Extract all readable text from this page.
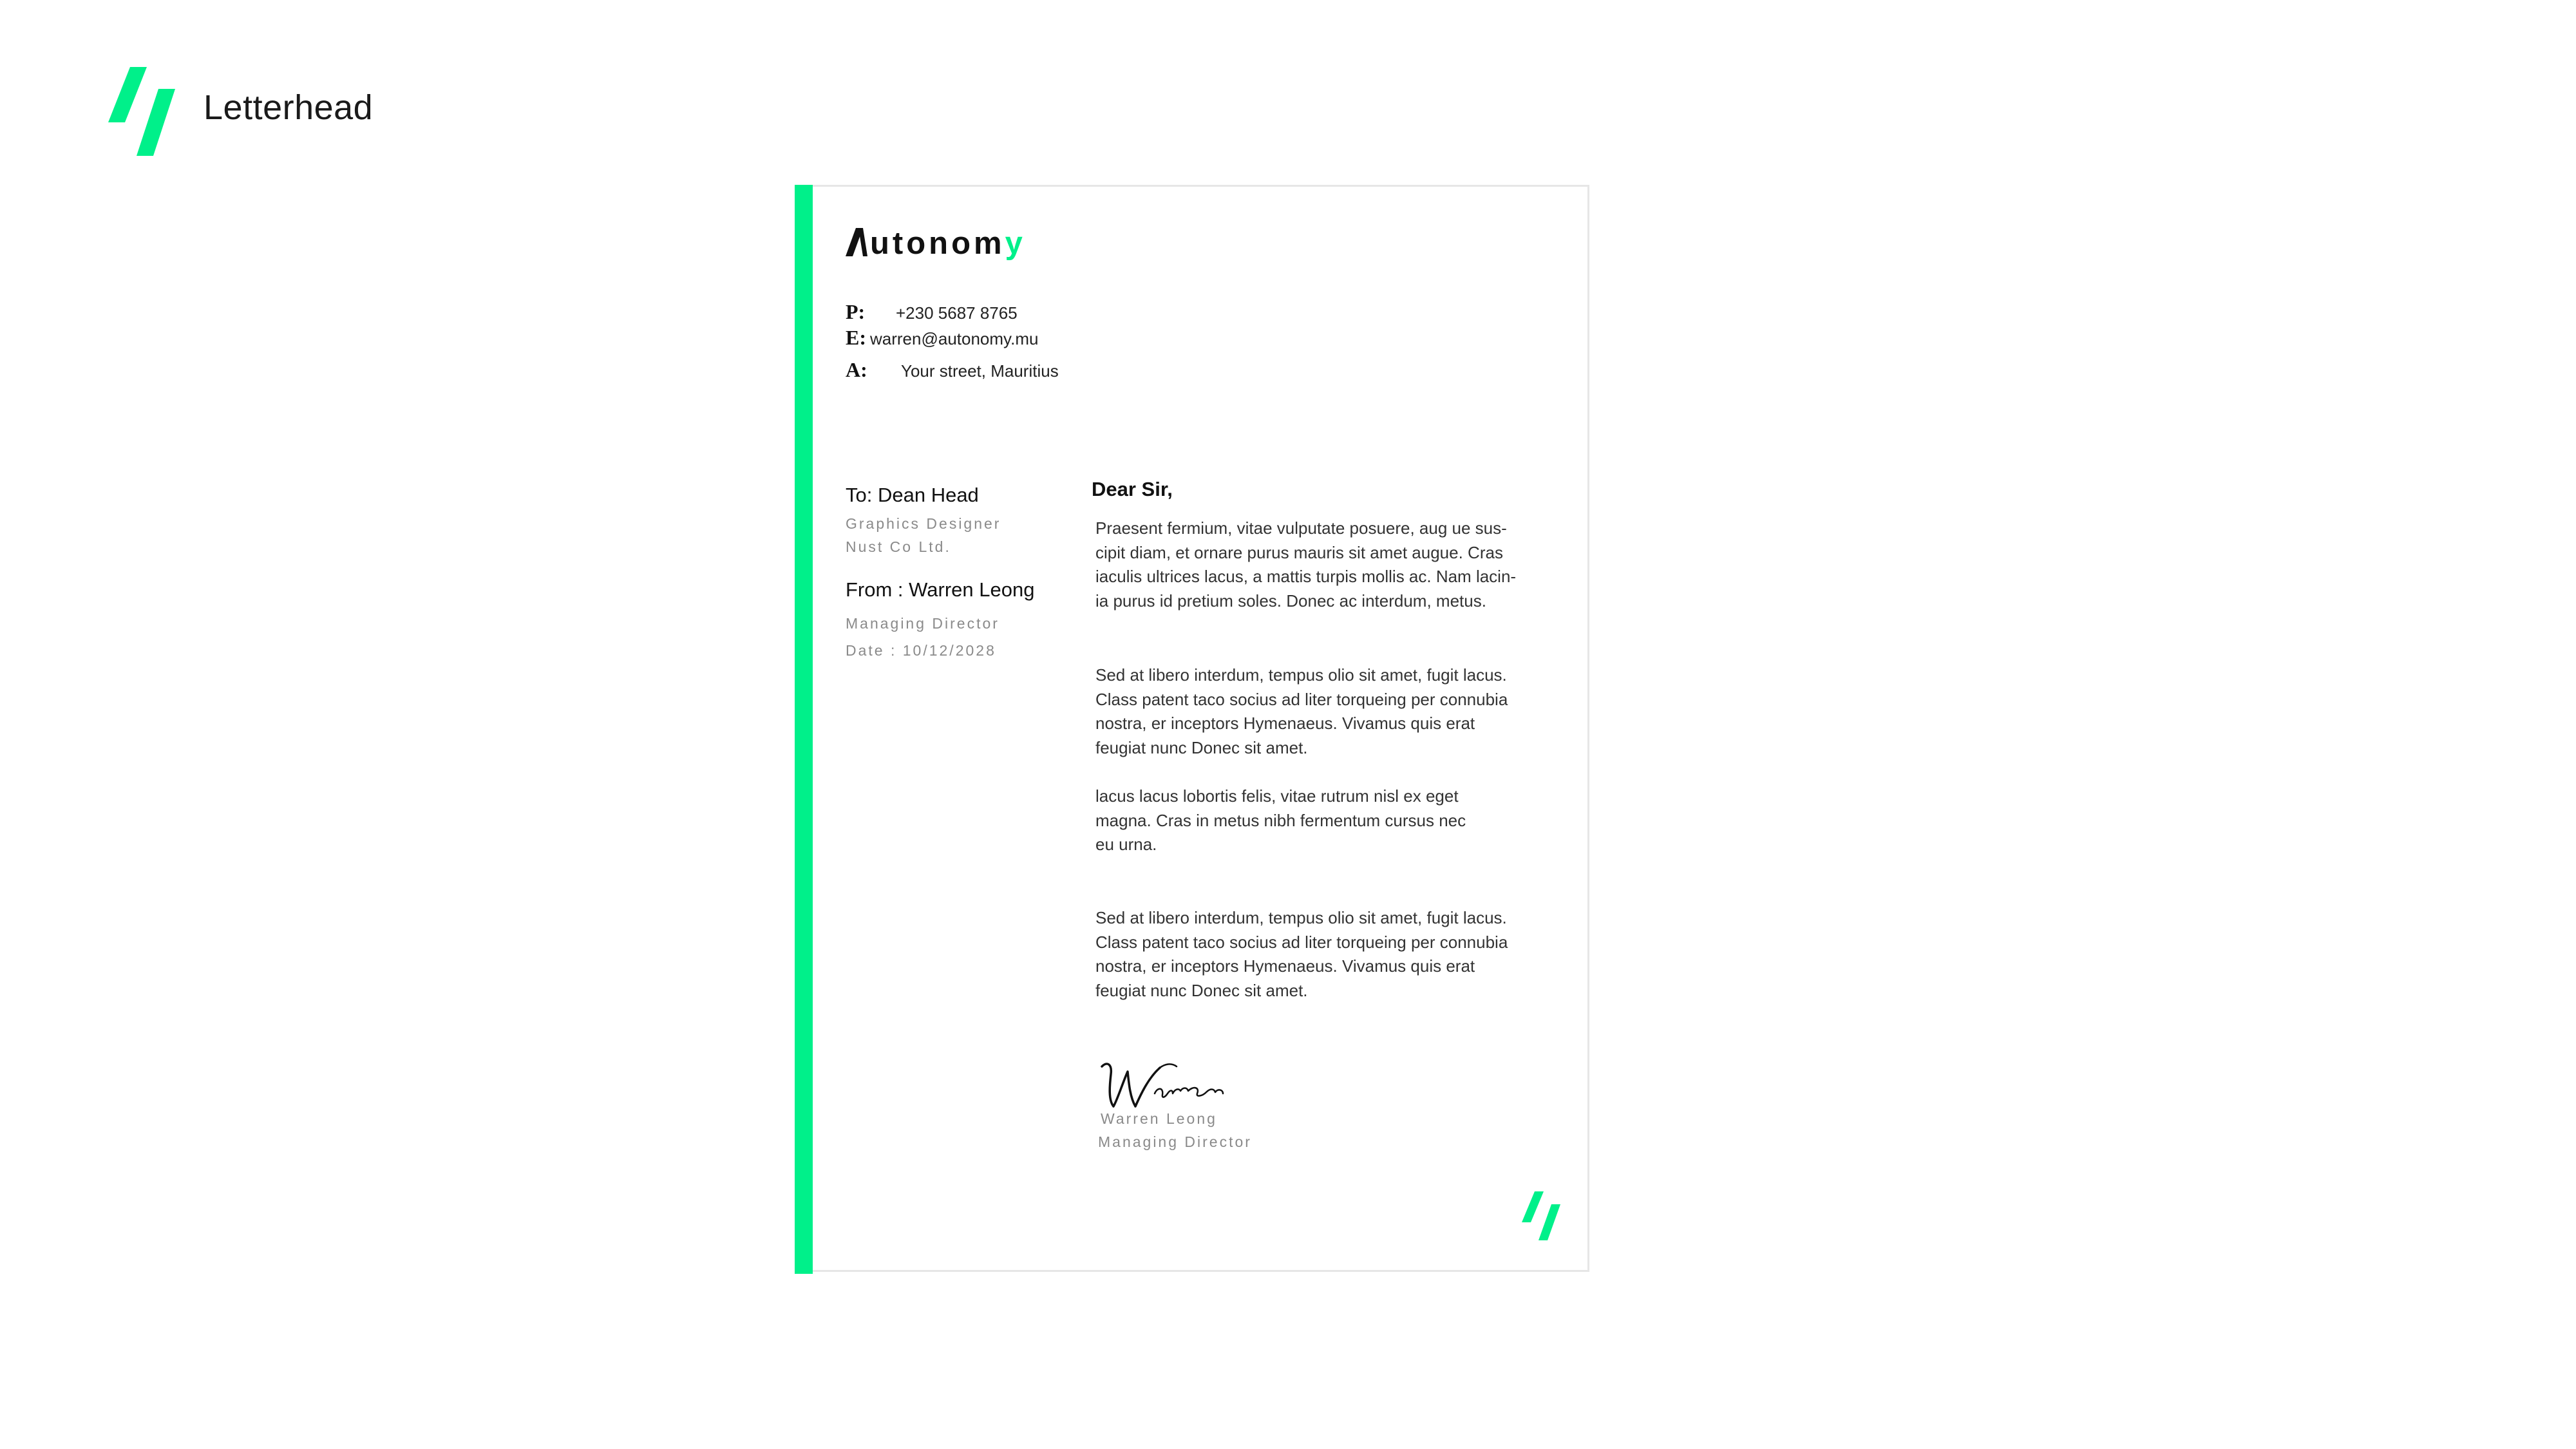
Letterhead
utonomy
P: +230 5687 8765
E: warren@autonomy.mu
A: Your street, Mauritius
To: Dean Head
Graphics Designer
Nust Co Ltd.
From : Warren Leong
Managing Director
Date : 10/12/2028
Dear Sir,

Praesent fermium, vitae vulputate posuere, aug ue sus-
cipit diam, et ornare purus mauris sit amet augue. Cras
iaculis ultrices lacus, a mattis turpis mollis ac. Nam lacin-
ia purus id pretium soles. Donec ac interdum, metus.

Sed at libero interdum, tempus olio sit amet, fugit lacus.
Class patent taco socius ad liter torqueing per connubia
nostra, er inceptors Hymenaeus. Vivamus quis erat
feugiat nunc Donec sit amet.

lacus lacus lobortis felis, vitae rutrum nisl ex eget
magna. Cras in metus nibh fermentum cursus nec
eu urna.

Sed at libero interdum, tempus olio sit amet, fugit lacus.
Class patent taco socius ad liter torqueing per connubia
nostra, er inceptors Hymenaeus. Vivamus quis erat
feugiat nunc Donec sit amet.

Warren
Warren Leong
Managing Director
